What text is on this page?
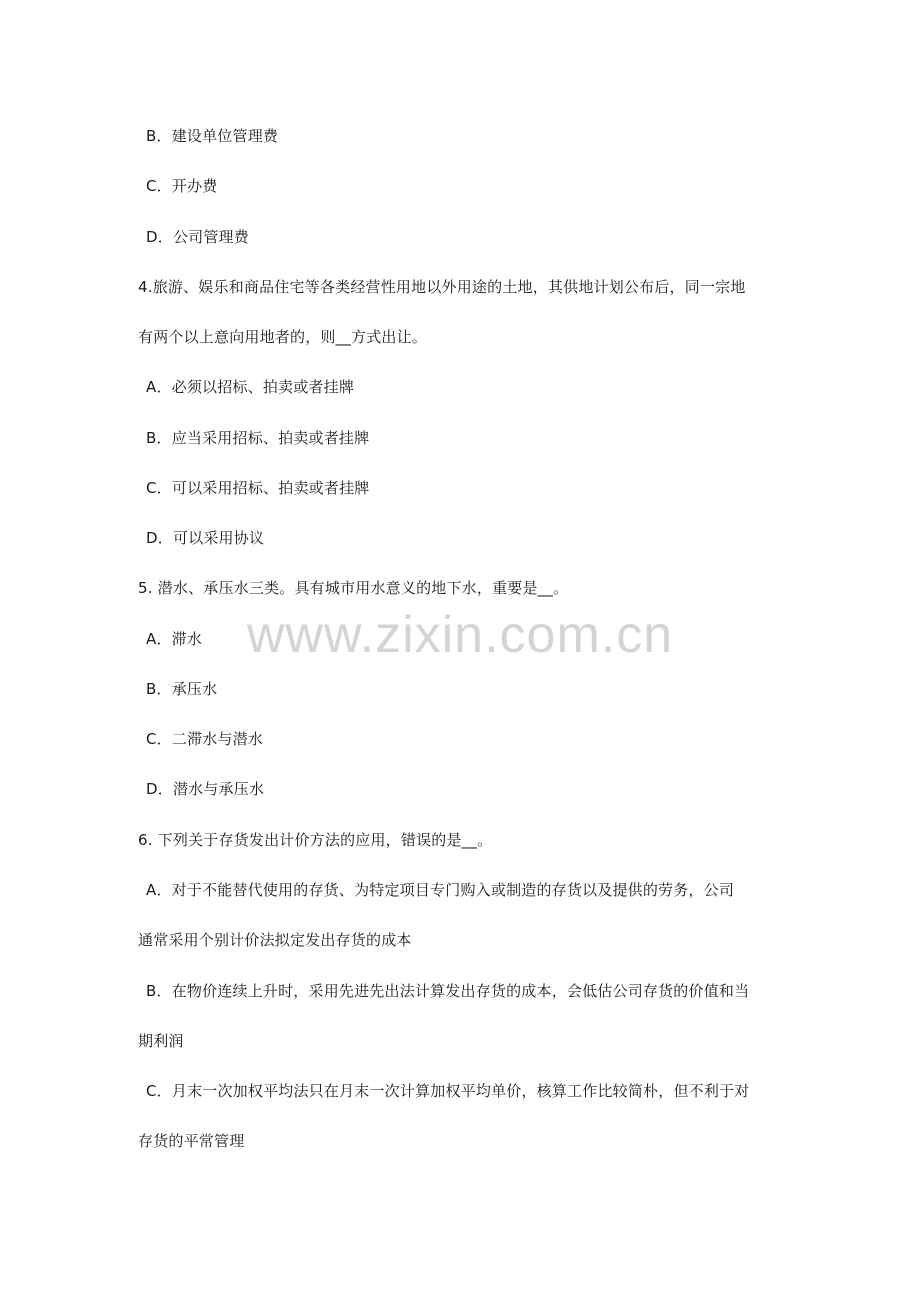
B．建设单位管理费
C．开办费
D．公司管理费
4.旅游、娱乐和商品住宅等各类经营性用地以外用途的土地，其供地计划公布后，同一宗地
有两个以上意向用地者的，则__方式出让。
A．必须以招标、拍卖或者挂牌
B．应当采用招标、拍卖或者挂牌
C．可以采用招标、拍卖或者挂牌
D．可以采用协议
5. 潜水、承压水三类。具有城市用水意义的地下水，重要是__。
A．滞水
B．承压水
C．二滞水与潜水
D．潜水与承压水
6. 下列关于存货发出计价方法的应用，错误的是__。
A．对于不能替代使用的存货、为特定项目专门购入或制造的存货以及提供的劳务，公司
通常采用个别计价法拟定发出存货的成本
B．在物价连续上升时，采用先进先出法计算发出存货的成本，会低估公司存货的价值和当
期利润
C．月末一次加权平均法只在月末一次计算加权平均单价，核算工作比较简朴，但不利于对
存货的平常管理
www.zixin.com.cn
